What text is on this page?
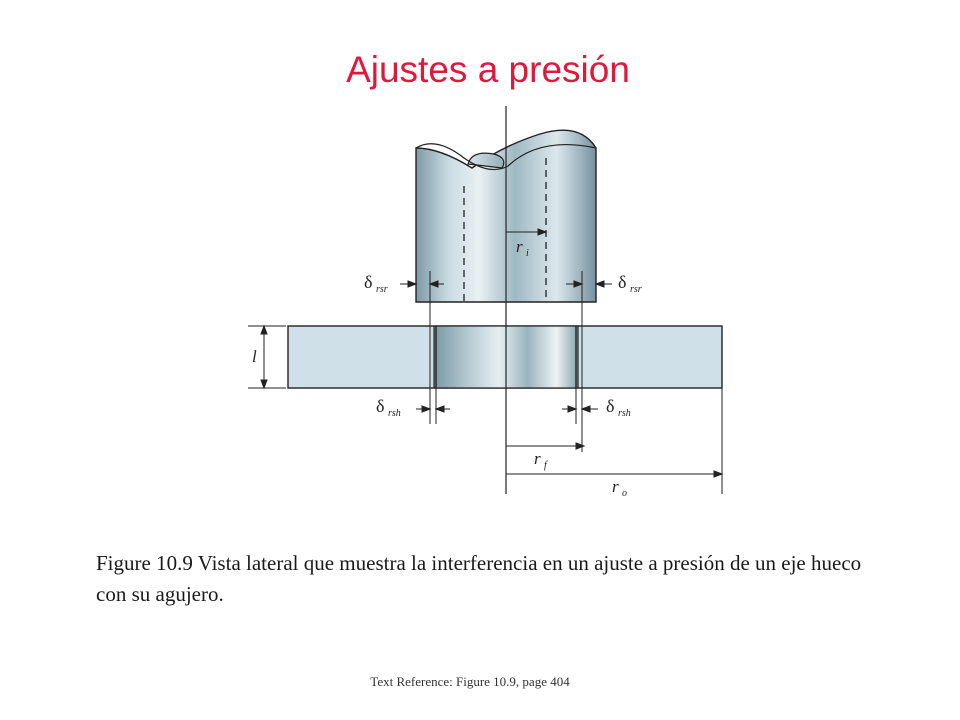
Ajustes a presión
δ rsr	δ rsr
δ rsh	δ rsh
r i
r f
r o
l

Figure 10.9 Vista lateral que muestra la interferencia en un ajuste a presión de un eje hueco con su agujero.

Text Reference: Figure 10.9, page 404
